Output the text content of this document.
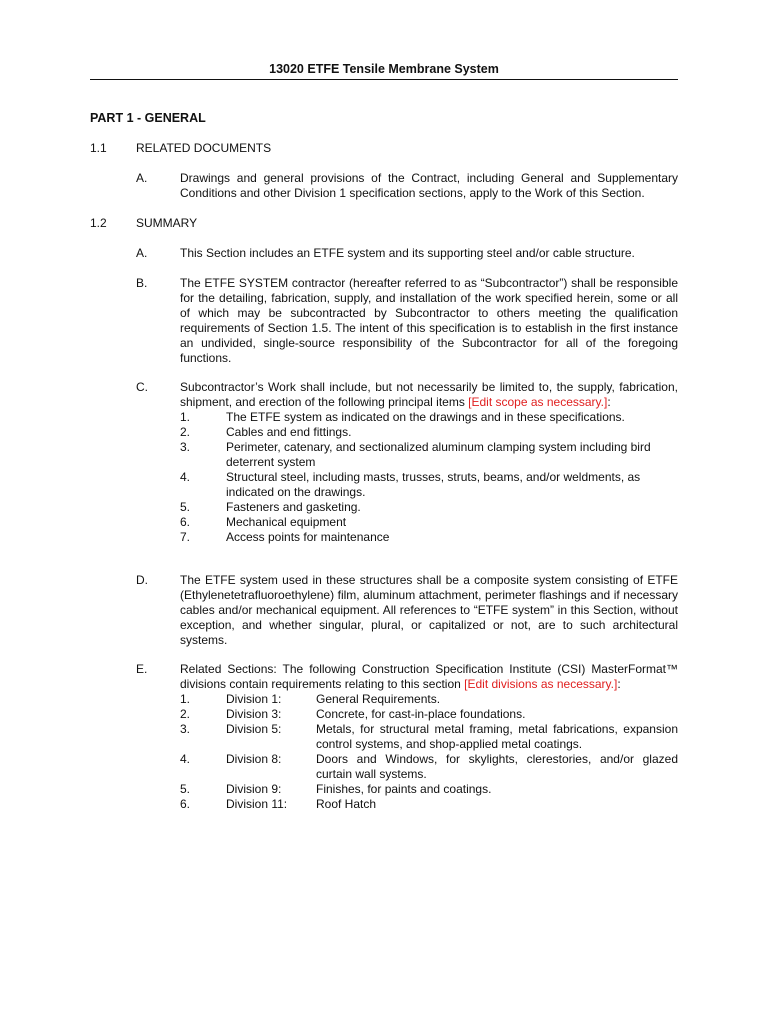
13020 ETFE Tensile Membrane System
PART 1 - GENERAL
1.1 RELATED DOCUMENTS
A.	Drawings and general provisions of the Contract, including General and Supplementary Conditions and other Division 1 specification sections, apply to the Work of this Section.
1.2 SUMMARY
A.	This Section includes an ETFE system and its supporting steel and/or cable structure.
B.	The ETFE SYSTEM contractor (hereafter referred to as “Subcontractor”) shall be responsible for the detailing, fabrication, supply, and installation of the work specified herein, some or all of which may be subcontracted by Subcontractor to others meeting the qualification requirements of Section 1.5. The intent of this specification is to establish in the first instance an undivided, single-source responsibility of the Subcontractor for all of the foregoing functions.
C.	Subcontractor’s Work shall include, but not necessarily be limited to, the supply, fabrication, shipment, and erection of the following principal items [Edit scope as necessary.]:
1.	The ETFE system as indicated on the drawings and in these specifications.
2.	Cables and end fittings.
3.	Perimeter, catenary, and sectionalized aluminum clamping system including bird deterrent system
4.	Structural steel, including masts, trusses, struts, beams, and/or weldments, as indicated on the drawings.
5.	Fasteners and gasketing.
6.	Mechanical equipment
7.	Access points for maintenance
D.	The ETFE system used in these structures shall be a composite system consisting of ETFE (Ethylenetetrafluoroethylene) film, aluminum attachment, perimeter flashings and if necessary cables and/or mechanical equipment. All references to “ETFE system” in this Section, without exception, and whether singular, plural, or capitalized or not, are to such architectural systems.
E.	Related Sections: The following Construction Specification Institute (CSI) MasterFormat™ divisions contain requirements relating to this section [Edit divisions as necessary.]:
1.	Division 1:	General Requirements.
2.	Division 3:	Concrete, for cast-in-place foundations.
3.	Division 5:	Metals, for structural metal framing, metal fabrications, expansion control systems, and shop-applied metal coatings.
4.	Division 8:	Doors and Windows, for skylights, clerestories, and/or glazed curtain wall systems.
5.	Division 9:	Finishes, for paints and coatings.
6.	Division 11: Roof Hatch
